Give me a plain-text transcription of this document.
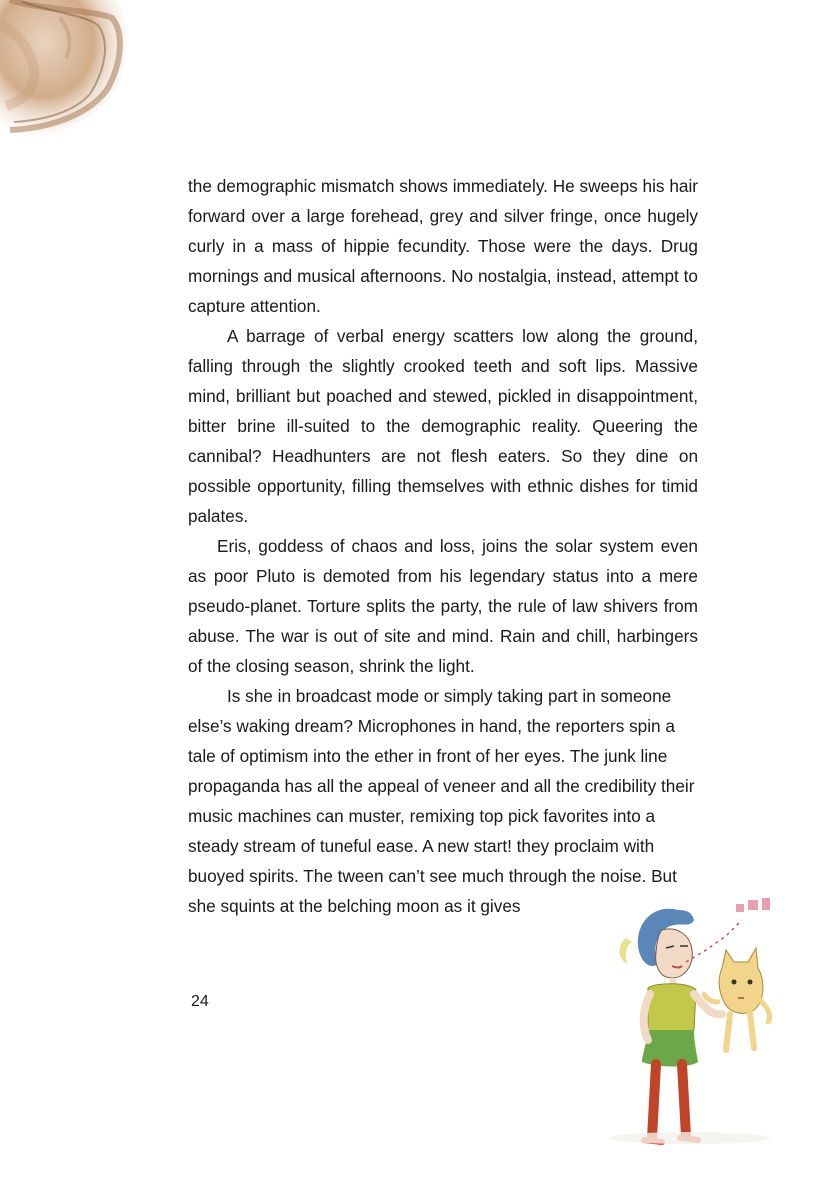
the demographic mismatch shows immediately. He sweeps his hair forward over a large forehead, grey and silver fringe, once hugely curly in a mass of hippie fecundity. Those were the days. Drug mornings and musical afternoons. No nostalgia, instead, attempt to capture attention.

A barrage of verbal energy scatters low along the ground, falling through the slightly crooked teeth and soft lips. Massive mind, brilliant but poached and stewed, pickled in disappointment, bitter brine ill-suited to the demographic reality. Queering the cannibal? Headhunters are not flesh eaters. So they dine on possible opportunity, filling themselves with ethnic dishes for timid palates.

Eris, goddess of chaos and loss, joins the solar system even as poor Pluto is demoted from his legendary status into a mere pseudo-planet. Torture splits the party, the rule of law shivers from abuse. The war is out of site and mind. Rain and chill, harbingers of the closing season, shrink the light.

Is she in broadcast mode or simply taking part in someone else’s waking dream? Microphones in hand, the reporters spin a tale of optimism into the ether in front of her eyes. The junk line propaganda has all the appeal of veneer and all the credibility their music machines can muster, remixing top pick favorites into a steady stream of tuneful ease. A new start! they proclaim with buoyed spirits. The tween can’t see much through the noise. But she squints at the belching moon as it gives

24
